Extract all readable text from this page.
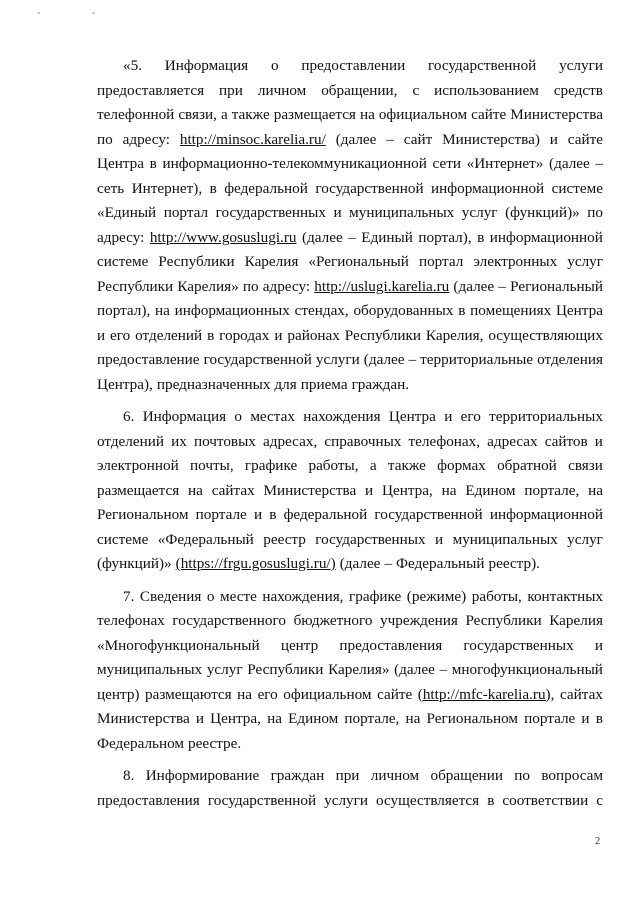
- -
«5. Информация о предоставлении государственной услуги
предоставляется при личном обращении, с использованием средств
телефонной связи, а также размещается на официальном сайте Министерства
по адресу: http://minsoc.karelia.ru/ (далее – сайт Министерства) и сайте
Центра в информационно-телекоммуникационной сети «Интернет» (далее –
сеть Интернет), в федеральной государственной информационной системе
«Единый портал государственных и муниципальных услуг (функций)» по
адресу: http://www.gosuslugi.ru (далее – Единый портал), в информационной
системе Республики Карелия «Региональный портал электронных услуг
Республики Карелия» по адресу: http://uslugi.karelia.ru (далее – Региональный
портал), на информационных стендах, оборудованных в помещениях Центра
и его отделений в городах и районах Республики Карелия, осуществляющих
предоставление государственной услуги (далее – территориальные отделения
Центра), предназначенных для приема граждан.
6. Информация о местах нахождения Центра и его территориальных
отделений их почтовых адресах, справочных телефонах, адресах сайтов и
электронной почты, графике работы, а также формах обратной связи
размещается на сайтах Министерства и Центра, на Едином портале, на
Региональном портале и в федеральной государственной информационной
системе «Федеральный реестр государственных и муниципальных услуг
(функций)» (https://frgu.gosuslugi.ru/) (далее – Федеральный реестр).
7. Сведения о месте нахождения, графике (режиме) работы, контактных
телефонах государственного бюджетного учреждения Республики Карелия
«Многофункциональный центр предоставления государственных и
муниципальных услуг Республики Карелия» (далее – многофункциональный
центр) размещаются на его официальном сайте (http://mfc-karelia.ru), сайтах
Министерства и Центра, на Едином портале, на Региональном портале и в
Федеральном реестре.
8. Информирование граждан при личном обращении по вопросам
предоставления государственной услуги осуществляется в соответствии с
2
